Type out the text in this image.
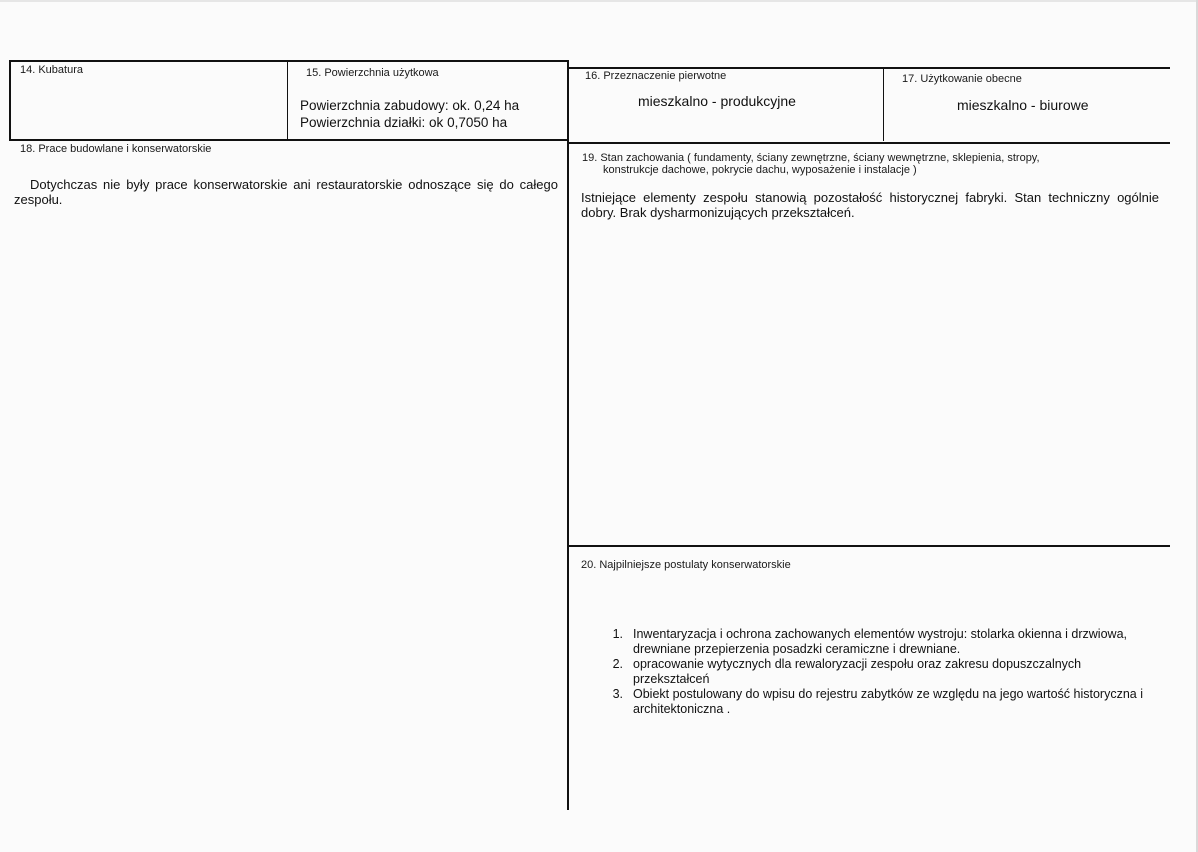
14. Kubatura	15. Powierzchnia użytkowa
Powierzchnia zabudowy: ok. 0,24 ha
Powierzchnia działki: ok 0,7050 ha
16. Przeznaczenie pierwotne
mieszkalno - produkcyjne
17. Użytkowanie obecne
mieszkalno - biurowe
18. Prace budowlane i konserwatorskie
Dotychczas nie były prace konserwatorskie ani restauratorskie odnoszące się do całego zespołu.
19. Stan zachowania ( fundamenty, ściany zewnętrzne, ściany wewnętrzne, sklepienia, stropy,
konstrukcje dachowe, pokrycie dachu, wyposażenie i instalacje )
Istniejące elementy zespołu stanowią pozostałość historycznej fabryki. Stan techniczny ogólnie dobry. Brak dysharmonizujących przekształceń.
20. Najpilniejsze postulaty konserwatorskie
1. Inwentaryzacja i ochrona zachowanych elementów wystroju: stolarka okienna i drzwiowa, drewniane przepierzenia posadzki ceramiczne i drewniane.
2. opracowanie wytycznych dla rewaloryzacji zespołu oraz zakresu dopuszczalnych przekształceń
3. Obiekt postulowany do wpisu do rejestru zabytków ze względu na jego wartość historyczna i architektoniczna .
